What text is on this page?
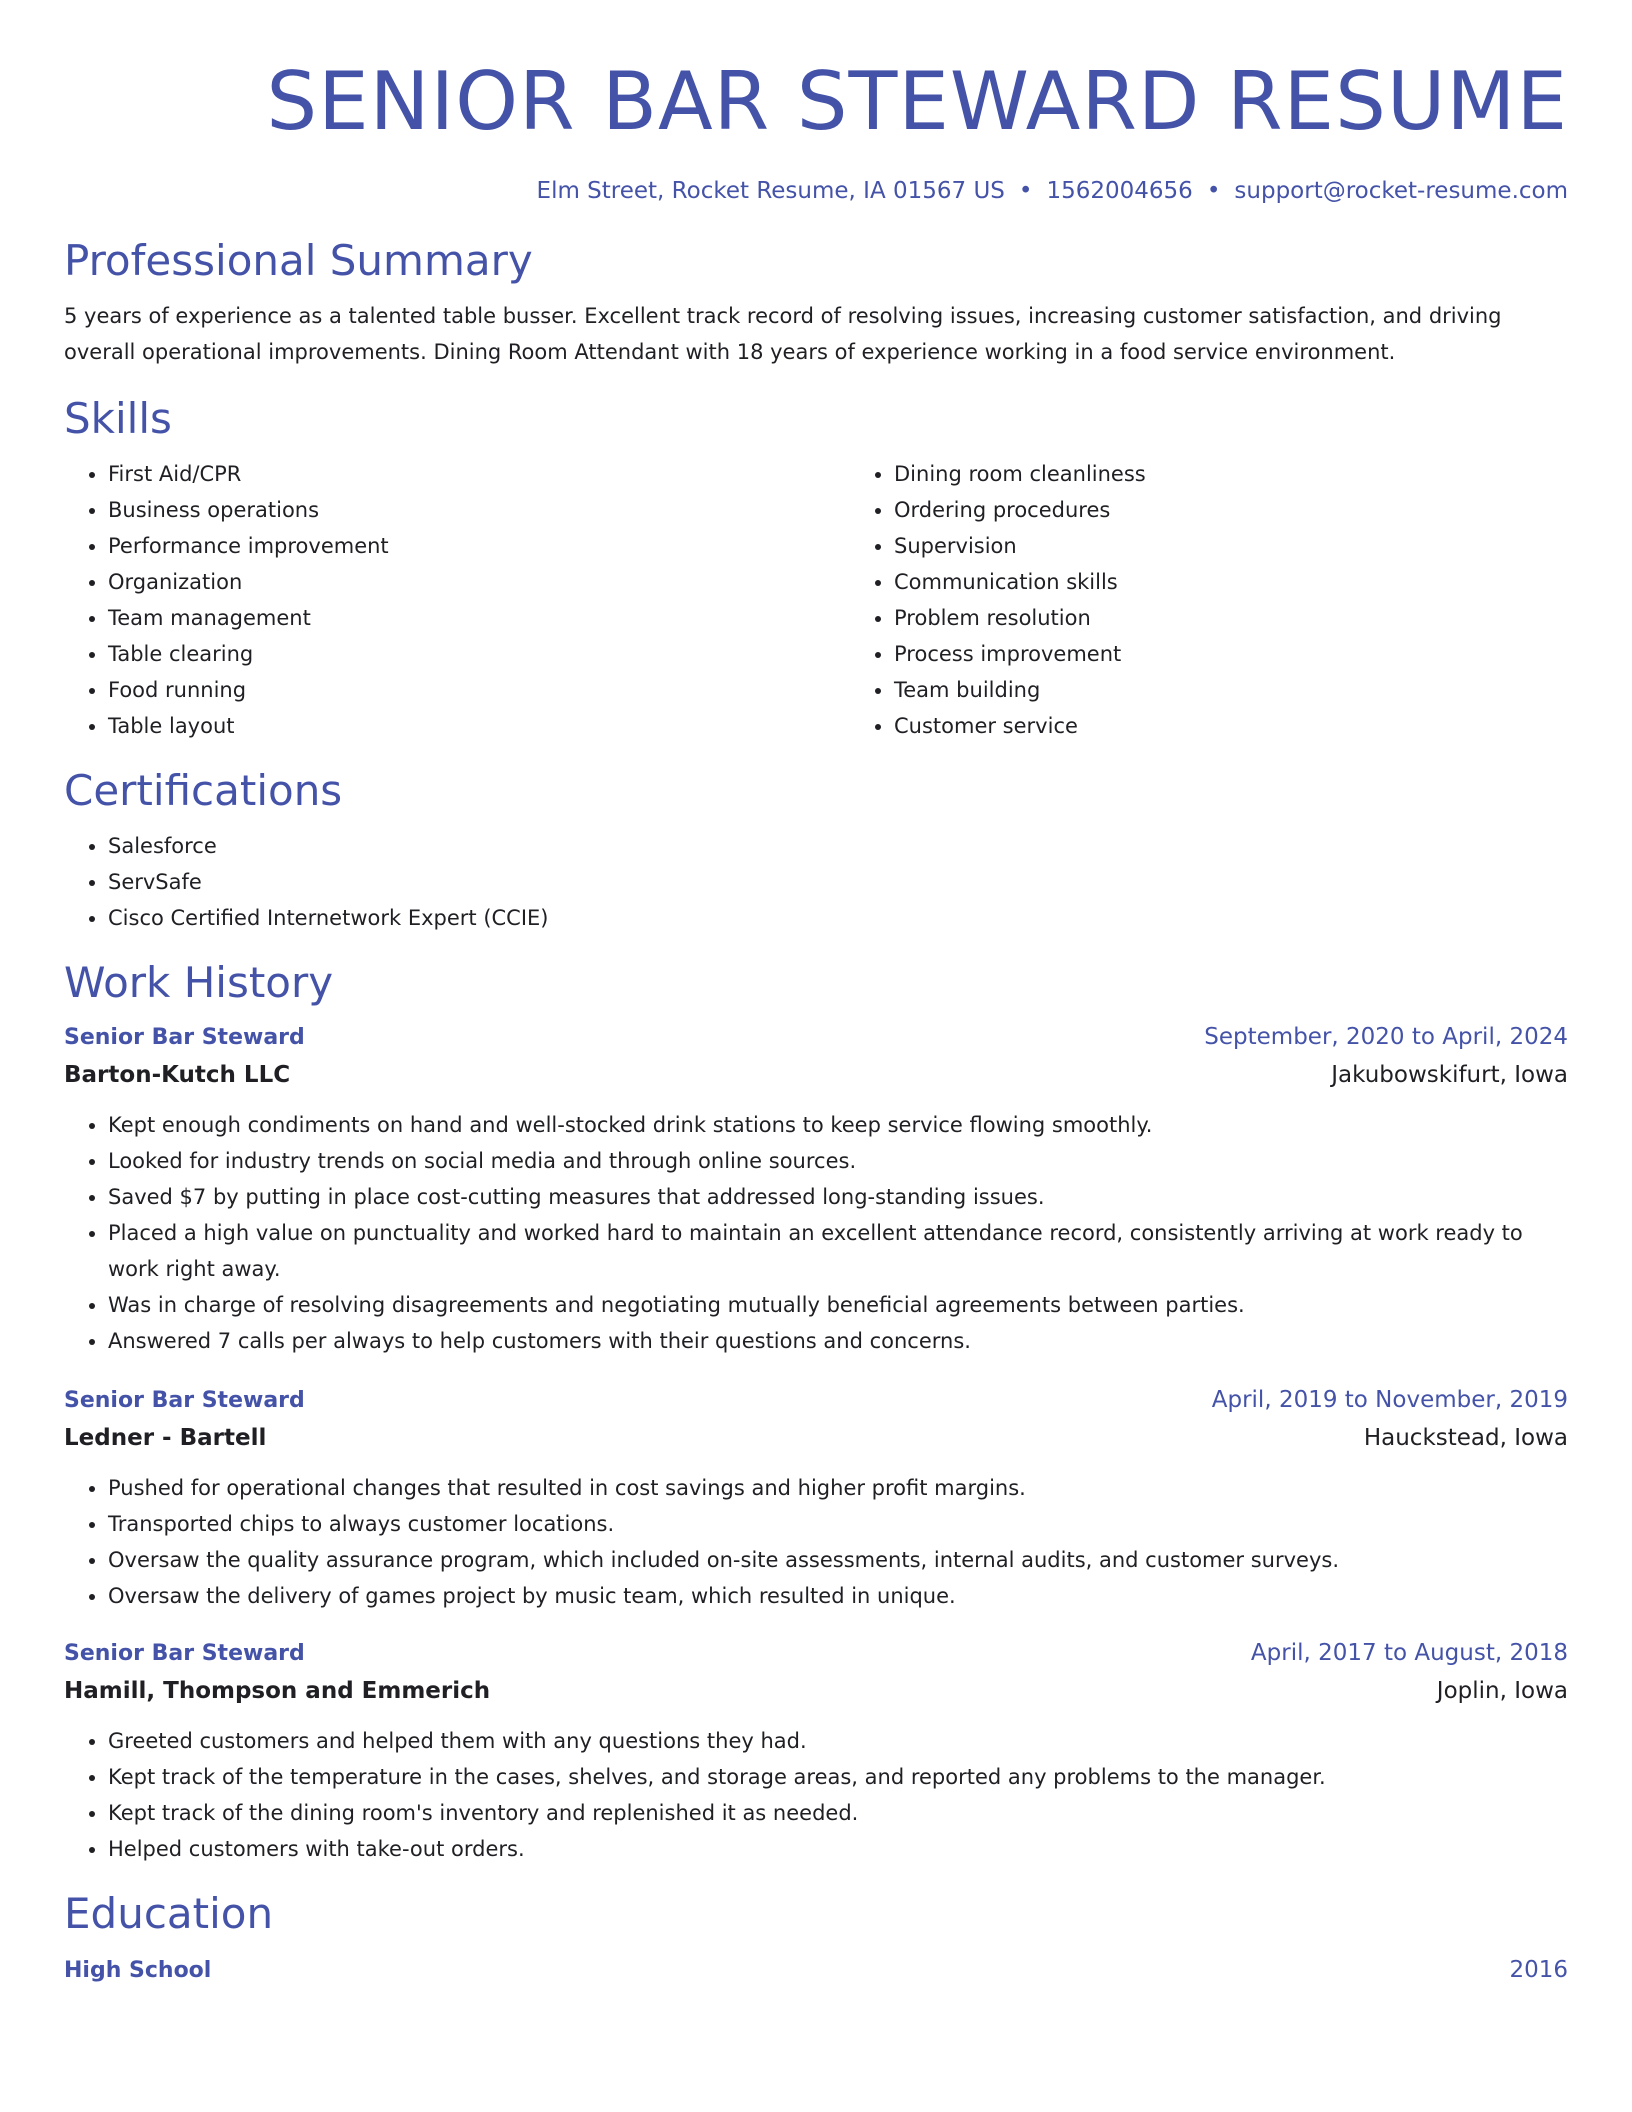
SENIOR BAR STEWARD RESUME
Elm Street, Rocket Resume, IA 01567 US • 1562004656 • support@rocket-resume.com
Professional Summary

5 years of experience as a talented table busser. Excellent track record of resolving issues, increasing customer satisfaction, and driving overall operational improvements. Dining Room Attendant with 18 years of experience working in a food service environment.

Skills
• First Aid/CPR
• Business operations
• Performance improvement
• Organization
• Team management
• Table clearing
• Food running
• Table layout
• Dining room cleanliness
• Ordering procedures
• Supervision
• Communication skills
• Problem resolution
• Process improvement
• Team building
• Customer service
Certifications
• Salesforce
• ServSafe
• Cisco Certified Internetwork Expert (CCIE)
Work History
Senior Bar Steward	September, 2020 to April, 2024
Barton-Kutch LLC	Jakubowskifurt, Iowa
• Kept enough condiments on hand and well-stocked drink stations to keep service flowing smoothly.
• Looked for industry trends on social media and through online sources.
• Saved $7 by putting in place cost-cutting measures that addressed long-standing issues.
• Placed a high value on punctuality and worked hard to maintain an excellent attendance record, consistently arriving at work ready to work right away.
• Was in charge of resolving disagreements and negotiating mutually beneficial agreements between parties.
• Answered 7 calls per always to help customers with their questions and concerns.
Senior Bar Steward	April, 2019 to November, 2019
Ledner - Bartell	Hauckstead, Iowa
• Pushed for operational changes that resulted in cost savings and higher profit margins.
• Transported chips to always customer locations.
• Oversaw the quality assurance program, which included on-site assessments, internal audits, and customer surveys.
• Oversaw the delivery of games project by music team, which resulted in unique.
Senior Bar Steward	April, 2017 to August, 2018
Hamill, Thompson and Emmerich	Joplin, Iowa
• Greeted customers and helped them with any questions they had.
• Kept track of the temperature in the cases, shelves, and storage areas, and reported any problems to the manager.
• Kept track of the dining room's inventory and replenished it as needed.
• Helped customers with take-out orders.
Education
High School	2016
